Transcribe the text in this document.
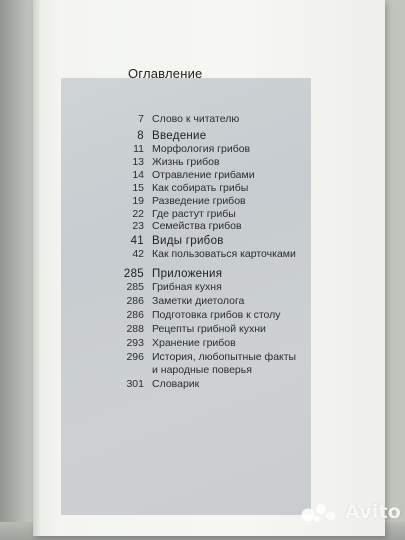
Оглавление
7 Слово к читателю
8 Введение
11 Морфология грибов
13 Жизнь грибов
14 Отравление грибами
15 Как собирать грибы
19 Разведение грибов
22 Где растут грибы
23 Семейства грибов
41 Виды грибов
42 Как пользоваться карточками
285 Приложения
285 Грибная кухня
286 Заметки диетолога
286 Подготовка грибов к столу
288 Рецепты грибной кухни
293 Хранение грибов
296 История, любопытные факты
и народные поверья
301 Словарик
Avito
